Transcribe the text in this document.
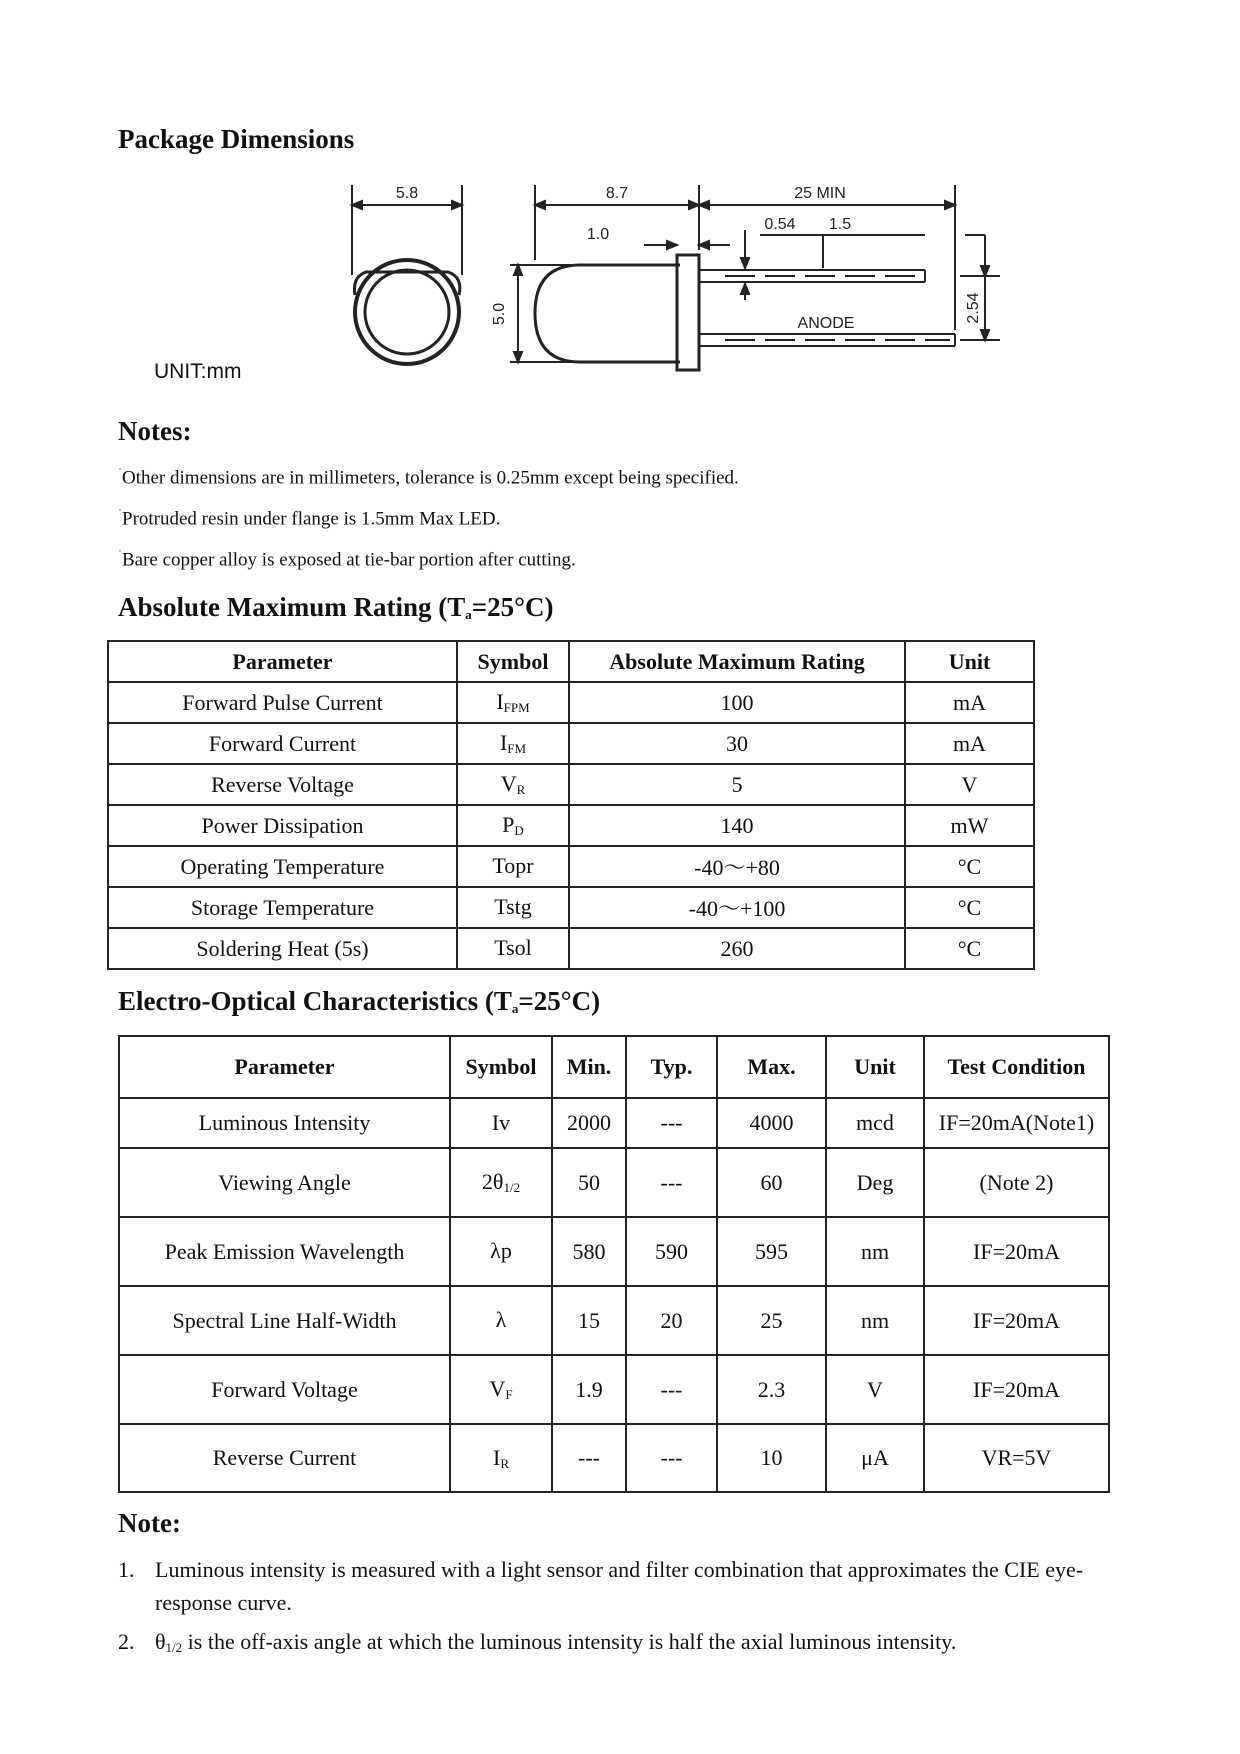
Package Dimensions
5.8	8.7	25 MIN
1.0
0.54 1.5
ANODE
5.0	2.54
UNIT:mm
Notes:
˙Other dimensions are in millimeters, tolerance is 0.25mm except being specified.
˙Protruded resin under flange is 1.5mm Max LED.
˙Bare copper alloy is exposed at tie-bar portion after cutting.
Absolute Maximum Rating $(T_a=25^\circ C)$
Parameter	Symbol	Absolute Maximum Rating	Unit
Forward Pulse Current	$I_{FPM}$	100	mA
Forward Current	$I_{FM}$	30	mA
Reverse Voltage	$V_R$	5	V
Power Dissipation	$P_D$	140	mW
Operating Temperature	Topr	-40～+80	°C
Storage Temperature	Tstg	-40～+100	°C
Soldering Heat (5s)	Tsol	260	°C
Electro-Optical Characteristics $(T_a=25^\circ C)$
Parameter	Symbol	Min.	Typ.	Max.	Unit	Test Condition
Luminous Intensity	Iv	2000	---	4000	mcd	IF=20mA(Note1)
Viewing Angle	$2\theta_{1/2}$	50	---	60	Deg	(Note 2)
Peak Emission Wavelength	λp	580	590	595	nm	IF=20mA
Spectral Line Half-Width	λ	15	20	25	nm	IF=20mA
Forward Voltage	$V_F$	1.9	---	2.3	V	IF=20mA
Reverse Current	$I_R$	---	---	10	μA	VR=5V
Note:
1. Luminous intensity is measured with a light sensor and filter combination that approximates the CIE eye-response curve.
2. $\theta_{1/2}$ is the off-axis angle at which the luminous intensity is half the axial luminous intensity.
